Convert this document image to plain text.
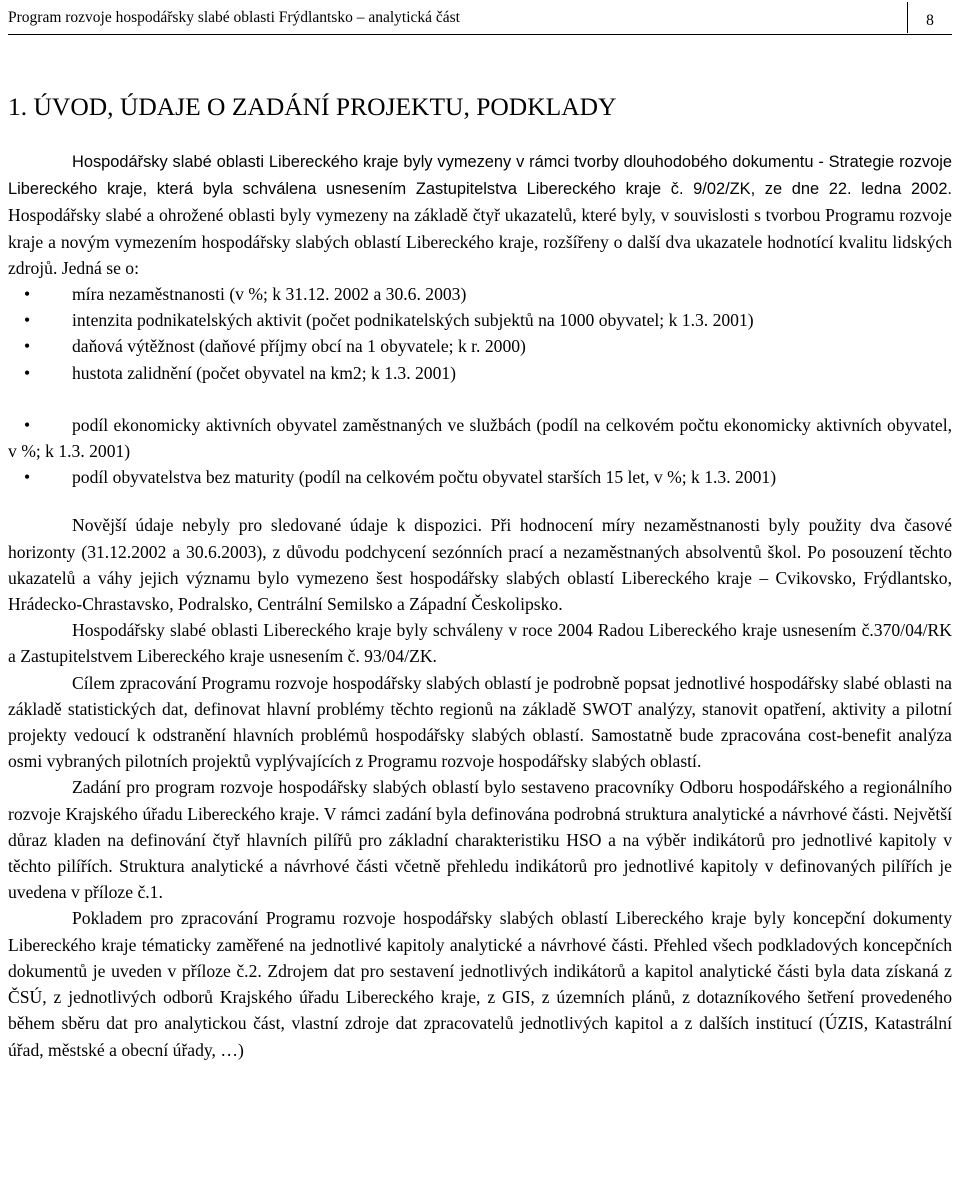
Program rozvoje hospodářsky slabé oblasti Frýdlantsko – analytická část	8
1. ÚVOD, ÚDAJE O ZADÁNÍ PROJEKTU, PODKLADY

Hospodářsky slabé oblasti Libereckého kraje byly vymezeny v rámci tvorby dlouhodobého dokumentu - Strategie rozvoje Libereckého kraje, která byla schválena usnesením Zastupitelstva Libereckého kraje č. 9/02/ZK, ze dne 22. ledna 2002. Hospodářsky slabé a ohrožené oblasti byly vymezeny na základě čtyř ukazatelů, které byly, v souvislosti s tvorbou Programu rozvoje kraje a novým vymezením hospodářsky slabých oblastí Libereckého kraje, rozšířeny o další dva ukazatele hodnotící kvalitu lidských zdrojů. Jedná se o:

• míra nezaměstnanosti (v %; k 31.12. 2002 a 30.6. 2003)
• intenzita podnikatelských aktivit (počet podnikatelských subjektů na 1000 obyvatel; k 1.3. 2001)
• daňová výtěžnost (daňové příjmy obcí na 1 obyvatele; k r. 2000)
• hustota zalidnění (počet obyvatel na km2; k 1.3. 2001)
• podíl ekonomicky aktivních obyvatel zaměstnaných ve službách (podíl na celkovém počtu ekonomicky aktivních obyvatel, v %; k 1.3. 2001)
• podíl obyvatelstva bez maturity (podíl na celkovém počtu obyvatel starších 15 let, v %; k 1.3. 2001)

Novější údaje nebyly pro sledované údaje k dispozici. Při hodnocení míry nezaměstnanosti byly použity dva časové horizonty (31.12.2002 a 30.6.2003), z důvodu podchycení sezónních prací a nezaměstnaných absolventů škol. Po posouzení těchto ukazatelů a váhy jejich významu bylo vymezeno šest hospodářsky slabých oblastí Libereckého kraje – Cvikovsko, Frýdlantsko, Hrádecko-Chrastavsko, Podralsko, Centrální Semilsko a Západní Českolipsko.

Hospodářsky slabé oblasti Libereckého kraje byly schváleny v roce 2004 Radou Libereckého kraje usnesením č.370/04/RK a Zastupitelstvem Libereckého kraje usnesením č. 93/04/ZK.

Cílem zpracování Programu rozvoje hospodářsky slabých oblastí je podrobně popsat jednotlivé hospodářsky slabé oblasti na základě statistických dat, definovat hlavní problémy těchto regionů na základě SWOT analýzy, stanovit opatření, aktivity a pilotní projekty vedoucí k odstranění hlavních problémů hospodářsky slabých oblastí. Samostatně bude zpracována cost-benefit analýza osmi vybraných pilotních projektů vyplývajících z Programu rozvoje hospodářsky slabých oblastí.

Zadání pro program rozvoje hospodářsky slabých oblastí bylo sestaveno pracovníky Odboru hospodářského a regionálního rozvoje Krajského úřadu Libereckého kraje. V rámci zadání byla definována podrobná struktura analytické a návrhové části. Největší důraz kladen na definování čtyř hlavních pilířů pro základní charakteristiku HSO a na výběr indikátorů pro jednotlivé kapitoly v těchto pilířích. Struktura analytické a návrhové části včetně přehledu indikátorů pro jednotlivé kapitoly v definovaných pilířích je uvedena v příloze č.1.

Pokladem pro zpracování Programu rozvoje hospodářsky slabých oblastí Libereckého kraje byly koncepční dokumenty Libereckého kraje tématicky zaměřené na jednotlivé kapitoly analytické a návrhové části. Přehled všech podkladových koncepčních dokumentů je uveden v příloze č.2. Zdrojem dat pro sestavení jednotlivých indikátorů a kapitol analytické části byla data získaná z ČSÚ, z jednotlivých odborů Krajského úřadu Libereckého kraje, z GIS, z územních plánů, z dotazníkového šetření provedeného během sběru dat pro analytickou část, vlastní zdroje dat zpracovatelů jednotlivých kapitol a z dalších institucí (ÚZIS, Katastrální úřad, městské a obecní úřady, …)
